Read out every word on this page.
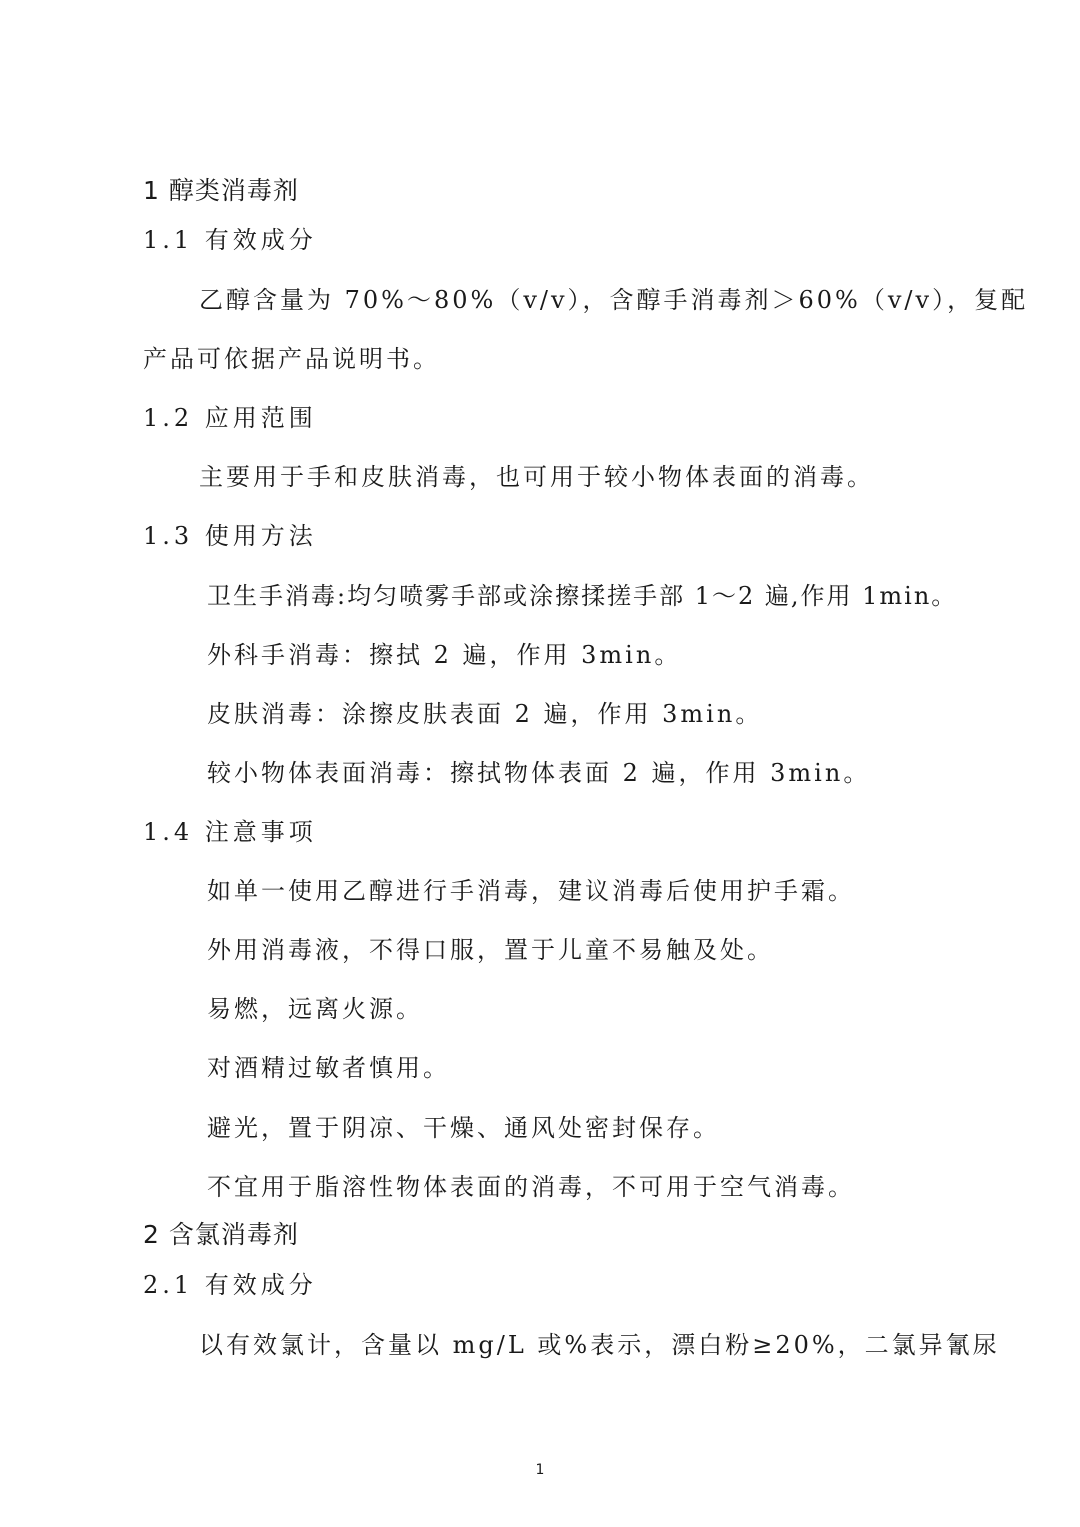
1 醇类消毒剂
1.1 有效成分
乙醇含量为 70%～80%（v/v），含醇手消毒剂＞60%（v/v），复配
产品可依据产品说明书。
1.2 应用范围
主要用于手和皮肤消毒，也可用于较小物体表面的消毒。
1.3 使用方法
卫生手消毒:均匀喷雾手部或涂擦揉搓手部 1～2 遍,作用 1min。
外科手消毒：擦拭 2 遍，作用 3min。
皮肤消毒：涂擦皮肤表面 2 遍，作用 3min。
较小物体表面消毒：擦拭物体表面 2 遍，作用 3min。
1.4 注意事项
如单一使用乙醇进行手消毒，建议消毒后使用护手霜。
外用消毒液，不得口服，置于儿童不易触及处。
易燃，远离火源。
对酒精过敏者慎用。
避光，置于阴凉、干燥、通风处密封保存。
不宜用于脂溶性物体表面的消毒，不可用于空气消毒。
2 含氯消毒剂
2.1 有效成分
以有效氯计，含量以 mg/L 或%表示，漂白粉≥20%，二氯异氰尿
1
